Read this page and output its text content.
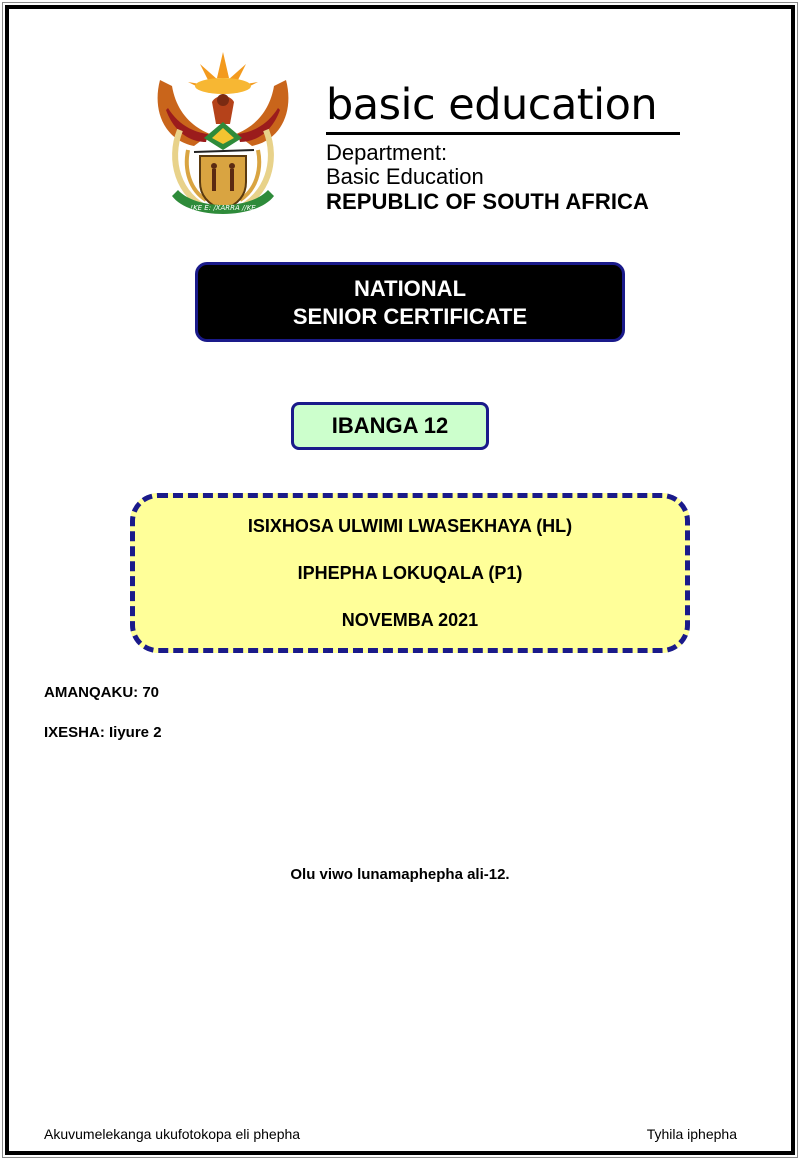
!KE E: /XARRA //KE
basic education
Department:
Basic Education
REPUBLIC OF SOUTH AFRICA
NATIONAL
SENIOR CERTIFICATE
IBANGA 12
ISIXHOSA ULWIMI LWASEKHAYA (HL)
IPHEPHA LOKUQALA (P1)
NOVEMBA 2021
AMANQAKU: 70
IXESHA: Iiyure 2
Olu viwo lunamaphepha ali-12.
Akuvumelekanga ukufotokopa eli phepha	Tyhila iphepha
